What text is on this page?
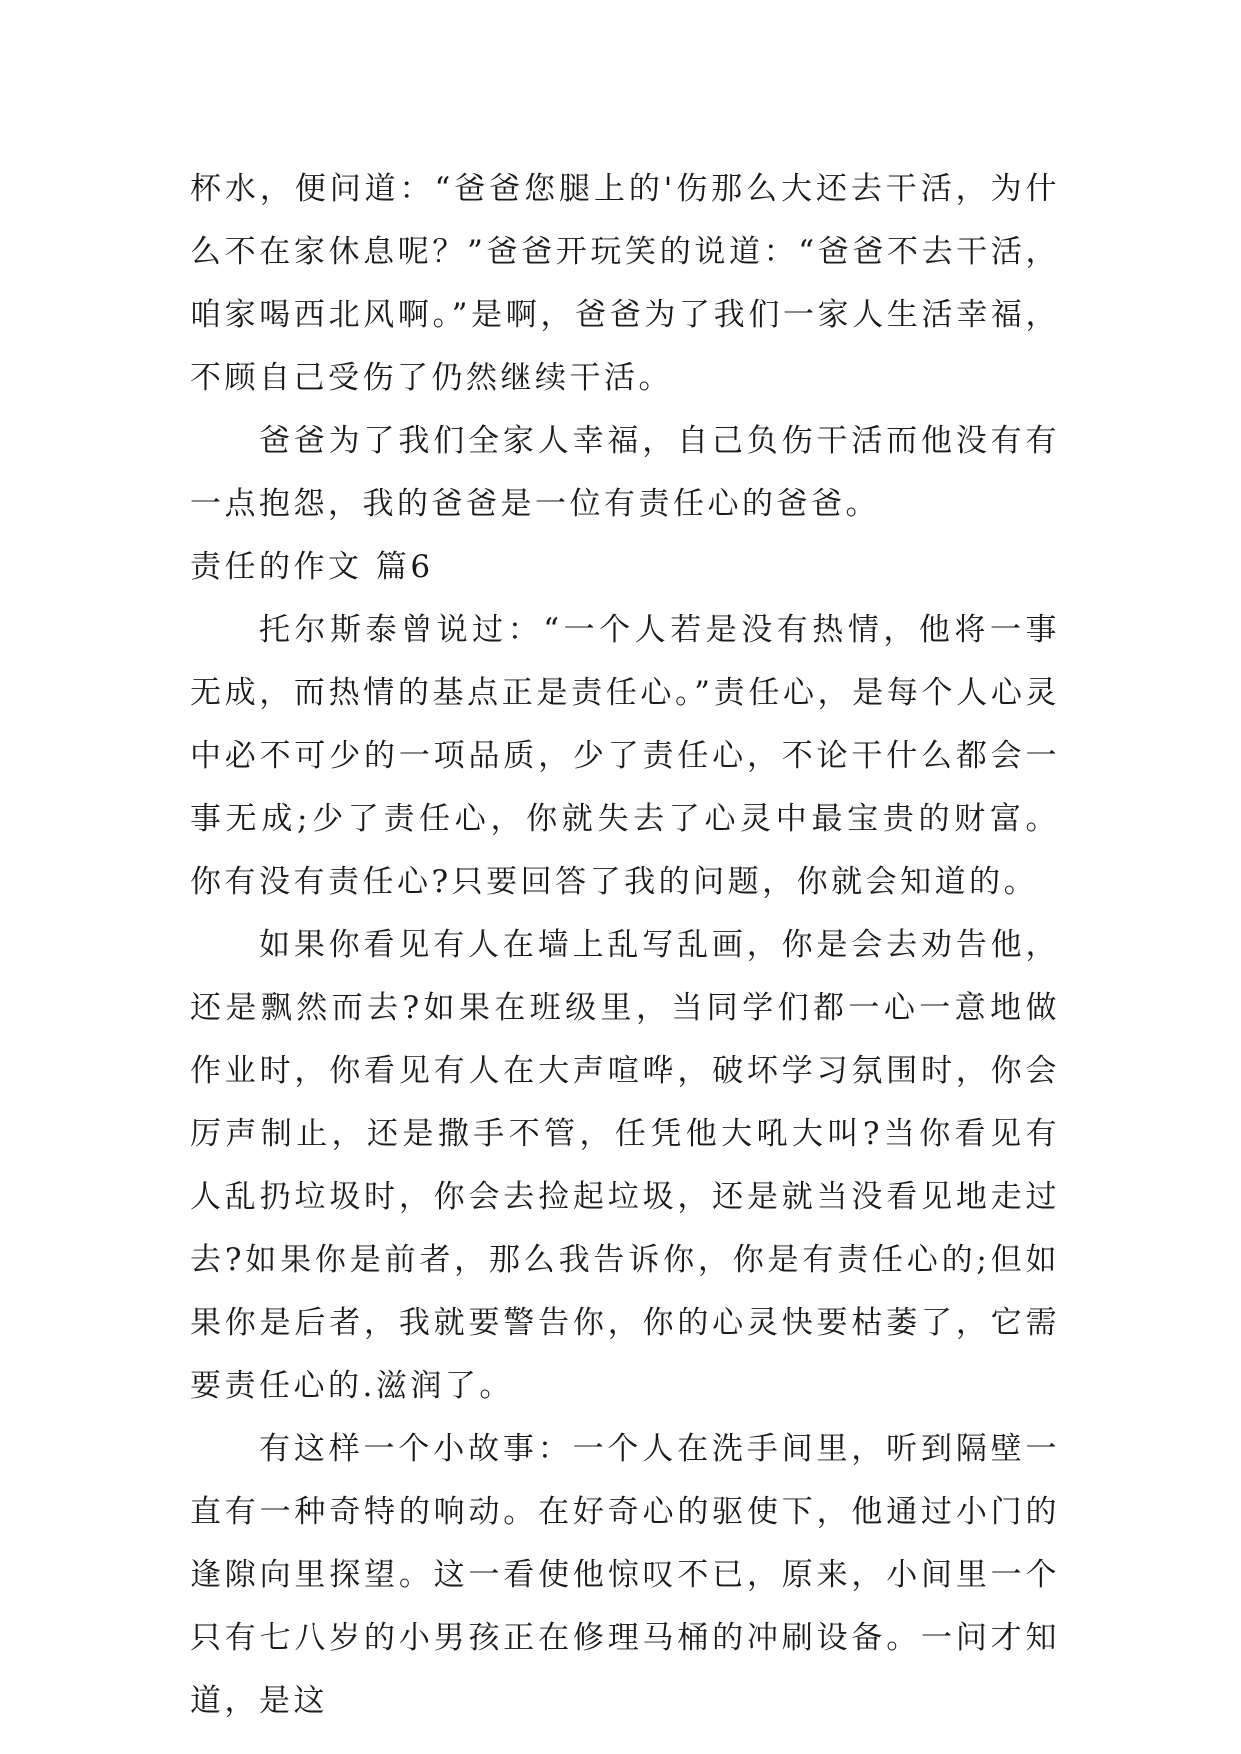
杯水，便问道：“爸爸您腿上的'伤那么大还去干活，为什么不在家休息呢？”爸爸开玩笑的说道：“爸爸不去干活，咱家喝西北风啊。”是啊，爸爸为了我们一家人生活幸福，不顾自己受伤了仍然继续干活。

爸爸为了我们全家人幸福，自己负伤干活而他没有有一点抱怨，我的爸爸是一位有责任心的爸爸。

责任的作文 篇6

托尔斯泰曾说过：“一个人若是没有热情，他将一事无成，而热情的基点正是责任心。”责任心，是每个人心灵中必不可少的一项品质，少了责任心，不论干什么都会一事无成;少了责任心，你就失去了心灵中最宝贵的财富。你有没有责任心?只要回答了我的问题，你就会知道的。

如果你看见有人在墙上乱写乱画，你是会去劝告他，还是飘然而去?如果在班级里，当同学们都一心一意地做作业时，你看见有人在大声喧哗，破坏学习氛围时，你会厉声制止，还是撒手不管，任凭他大吼大叫?当你看见有人乱扔垃圾时，你会去捡起垃圾，还是就当没看见地走过去?如果你是前者，那么我告诉你，你是有责任心的;但如果你是后者，我就要警告你，你的心灵快要枯萎了，它需要责任心的.滋润了。

有这样一个小故事：一个人在洗手间里，听到隔壁一直有一种奇特的响动。在好奇心的驱使下，他通过小门的逢隙向里探望。这一看使他惊叹不已，原来，小间里一个只有七八岁的小男孩正在修理马桶的冲刷设备。一问才知道，是这
